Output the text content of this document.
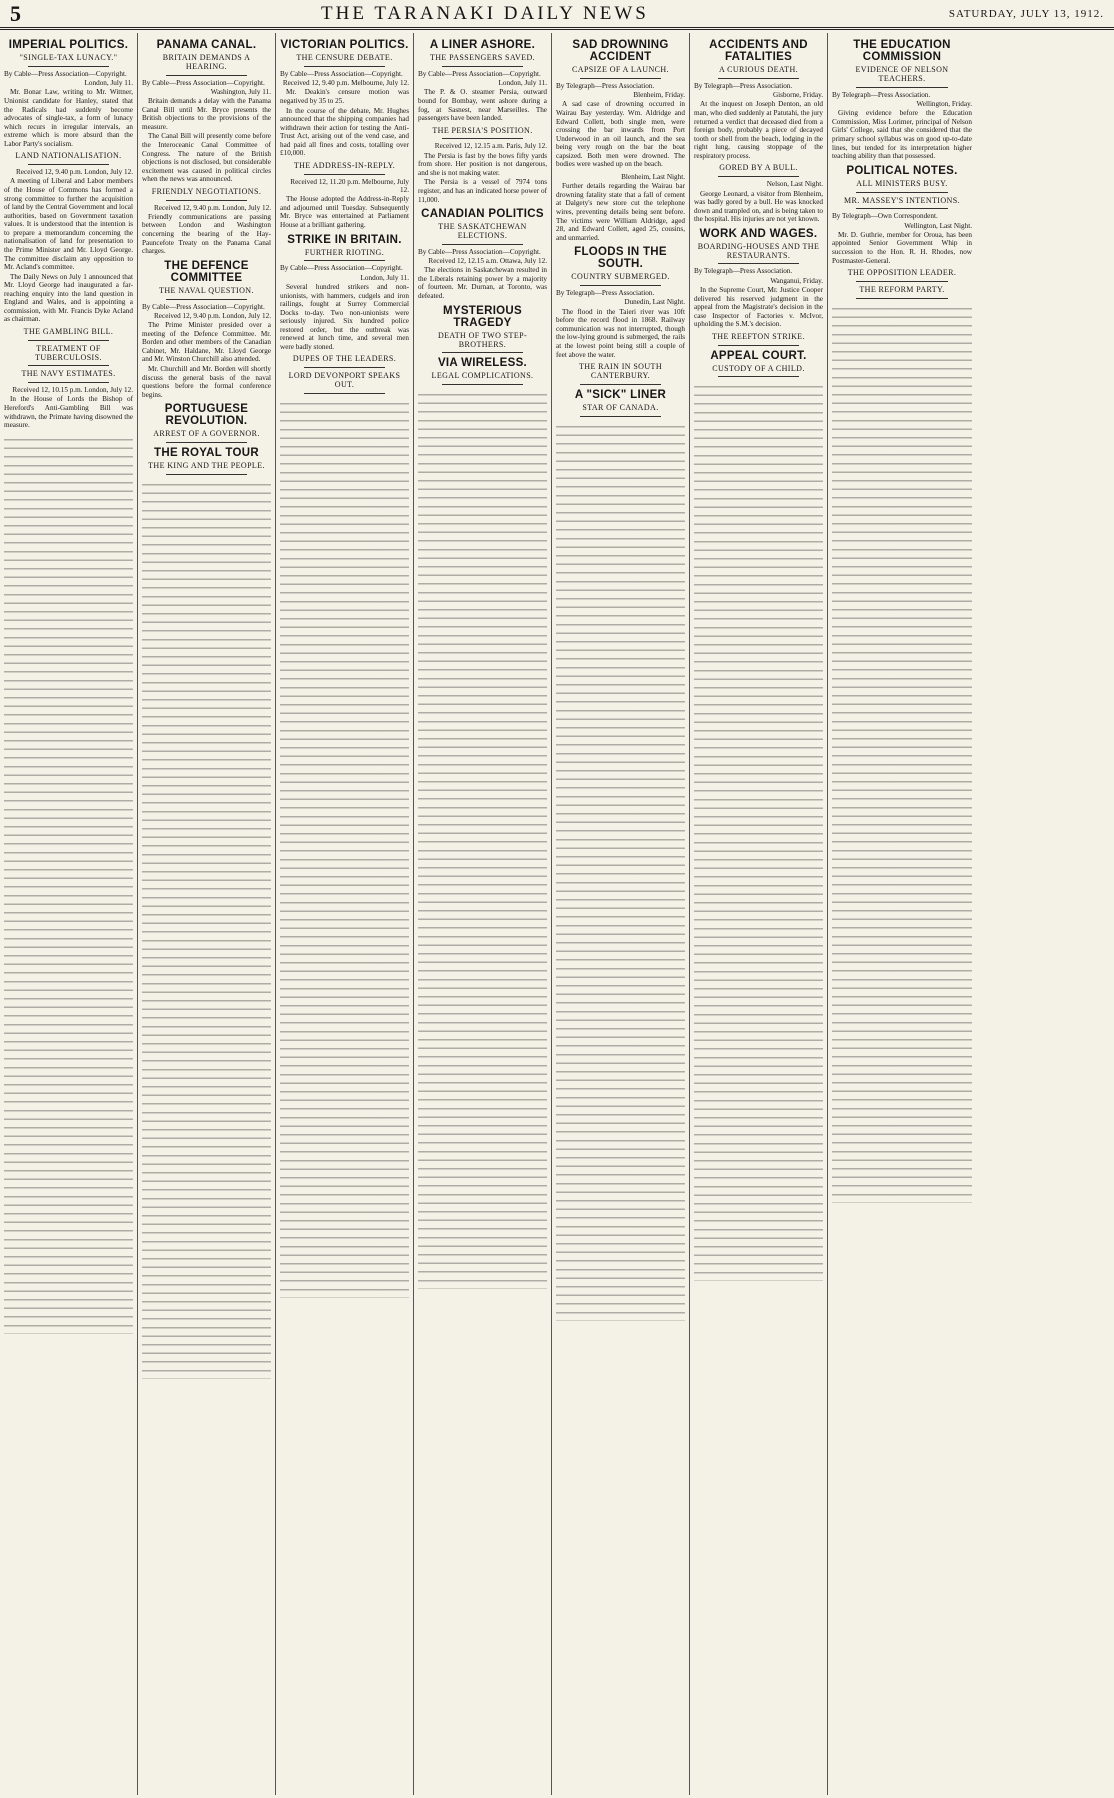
5	THE TARANAKI DAILY NEWS	SATURDAY, JULY 13, 1912.
IMPERIAL POLITICS.
"SINGLE-TAX LUNACY."
By Cable—Press Association—Copyright.
London, July 11.

Mr. Bonar Law, writing to Mr. Wittner, Unionist candidate for Hanley, stated that the Radicals had suddenly become advocates of single-tax, a form of lunacy which recurs in irregular intervals, an extreme which is more absurd than the Labor Party's socialism.

LAND NATIONALISATION.
Received 12, 9.40 p.m. London, July 12.

A meeting of Liberal and Labor members of the House of Commons has formed a strong committee to further the acquisition of land by the Central Government and local authorities, based on Government taxation values. It is understood that the intention is to prepare a memorandum concerning the nationalisation of land for presentation to the Prime Minister and Mr. Lloyd George. The committee disclaim any opposition to Mr. Acland's committee.

The Daily News on July 1 announced that Mr. Lloyd George had inaugurated a far-reaching enquiry into the land question in England and Wales, and is appointing a commission, with Mr. Francis Dyke Acland as chairman.

THE GAMBLING BILL.
TREATMENT OF TUBERCULOSIS.
THE NAVY ESTIMATES.
Received 12, 10.15 p.m. London, July 12.

In the House of Lords the Bishop of Hereford's Anti-Gambling Bill was withdrawn, the Primate having disowned the measure.

PANAMA CANAL.
BRITAIN DEMANDS A HEARING.
By Cable—Press Association—Copyright.
Washington, July 11.

Britain demands a delay with the Panama Canal Bill until Mr. Bryce presents the British objections to the provisions of the measure.

The Canal Bill will presently come before the Interoceanic Canal Committee of Congress. The nature of the British objections is not disclosed, but considerable excitement was caused in political circles when the news was announced.

FRIENDLY NEGOTIATIONS.
Received 12, 9.40 p.m. London, July 12.

Friendly communications are passing between London and Washington concerning the bearing of the Hay-Pauncefote Treaty on the Panama Canal charges.

THE DEFENCE COMMITTEE
THE NAVAL QUESTION.
By Cable—Press Association—Copyright.
Received 12, 9.40 p.m. London, July 12.

The Prime Minister presided over a meeting of the Defence Committee. Mr. Borden and other members of the Canadian Cabinet, Mr. Haldane, Mr. Lloyd George and Mr. Winston Churchill also attended.

Mr. Churchill and Mr. Borden will shortly discuss the general basis of the naval questions before the formal conference begins.

PORTUGUESE REVOLUTION.
ARREST OF A GOVERNOR.
THE ROYAL TOUR
THE KING AND THE PEOPLE.
VICTORIAN POLITICS.
THE CENSURE DEBATE.
By Cable—Press Association—Copyright.
Received 12, 9.40 p.m. Melbourne, July 12.

Mr. Deakin's censure motion was negatived by 35 to 25.

In the course of the debate, Mr. Hughes announced that the shipping companies had withdrawn their action for testing the Anti-Trust Act, arising out of the vend case, and had paid all fines and costs, totalling over £10,000.

THE ADDRESS-IN-REPLY.
Received 12, 11.20 p.m. Melbourne, July 12.

The House adopted the Address-in-Reply and adjourned until Tuesday. Subsequently Mr. Bryce was entertained at Parliament House at a brilliant gathering.

STRIKE IN BRITAIN.
FURTHER RIOTING.
By Cable—Press Association—Copyright.
London, July 11.

Several hundred strikers and non-unionists, with hammers, cudgels and iron railings, fought at Surrey Commercial Docks to-day. Two non-unionists were seriously injured. Six hundred police restored order, but the outbreak was renewed at lunch time, and several men were badly stoned.

DUPES OF THE LEADERS.
LORD DEVONPORT SPEAKS OUT.
A LINER ASHORE.
THE PASSENGERS SAVED.
By Cable—Press Association—Copyright.
London, July 11.

The P. & O. steamer Persia, outward bound for Bombay, went ashore during a fog, at Sasnest, near Marseilles. The passengers have been landed.

THE PERSIA'S POSITION.
Received 12, 12.15 a.m. Paris, July 12.

The Persia is fast by the bows fifty yards from shore. Her position is not dangerous, and she is not making water.

The Persia is a vessel of 7974 tons register, and has an indicated horse power of 11,000.

CANADIAN POLITICS
THE SASKATCHEWAN ELECTIONS.
By Cable—Press Association—Copyright.
Received 12, 12.15 a.m. Ottawa, July 12.

The elections in Saskatchewan resulted in the Liberals retaining power by a majority of fourteen. Mr. Durnan, at Toronto, was defeated.

MYSTERIOUS TRAGEDY
DEATH OF TWO STEP-BROTHERS.
VIA WIRELESS.
LEGAL COMPLICATIONS.
SAD DROWNING ACCIDENT
CAPSIZE OF A LAUNCH.
By Telegraph—Press Association.
Blenheim, Friday.

A sad case of drowning occurred in Wairau Bay yesterday. Wm. Aldridge and Edward Collett, both single men, were crossing the bar inwards from Port Underwood in an oil launch, and the sea being very rough on the bar the boat capsized. Both men were drowned. The bodies were washed up on the beach.

Blenheim, Last Night.

Further details regarding the Wairau bar drowning fatality state that a fall of cement at Dalgety's new store cut the telephone wires, preventing details being sent before. The victims were William Aldridge, aged 28, and Edward Collett, aged 25, cousins, and unmarried.

FLOODS IN THE SOUTH.
COUNTRY SUBMERGED.
By Telegraph—Press Association.
Dunedin, Last Night.

The flood in the Taieri river was 10ft before the record flood in 1868. Railway communication was not interrupted, though the low-lying ground is submerged, the rails at the lowest point being still a couple of feet above the water.

THE RAIN IN SOUTH CANTERBURY.
A "SICK" LINER
STAR OF CANADA.
ACCIDENTS AND FATALITIES
A CURIOUS DEATH.
By Telegraph—Press Association.
Gisborne, Friday.

At the inquest on Joseph Denton, an old man, who died suddenly at Patutahi, the jury returned a verdict that deceased died from a foreign body, probably a piece of decayed tooth or shell from the beach, lodging in the right lung, causing stoppage of the respiratory process.

GORED BY A BULL.
Nelson, Last Night.

George Leonard, a visitor from Blenheim, was badly gored by a bull. He was knocked down and trampled on, and is being taken to the hospital. His injuries are not yet known.

WORK AND WAGES.
BOARDING-HOUSES AND THE RESTAURANTS.
By Telegraph—Press Association.
Wanganui, Friday.

In the Supreme Court, Mr. Justice Cooper delivered his reserved judgment in the appeal from the Magistrate's decision in the case Inspector of Factories v. McIvor, upholding the S.M.'s decision.

THE REEFTON STRIKE.
APPEAL COURT.
CUSTODY OF A CHILD.
THE EDUCATION COMMISSION
EVIDENCE OF NELSON TEACHERS.
By Telegraph—Press Association.
Wellington, Friday.

Giving evidence before the Education Commission, Miss Lorimer, principal of Nelson Girls' College, said that she considered that the primary school syllabus was on good up-to-date lines, but tended for its interpretation higher teaching ability than that possessed.

POLITICAL NOTES.
ALL MINISTERS BUSY.
MR. MASSEY'S INTENTIONS.
By Telegraph—Own Correspondent.
Wellington, Last Night.

Mr. D. Guthrie, member for Oroua, has been appointed Senior Government Whip in succession to the Hon. R. H. Rhodes, now Postmaster-General.

THE OPPOSITION LEADER.
THE REFORM PARTY.
